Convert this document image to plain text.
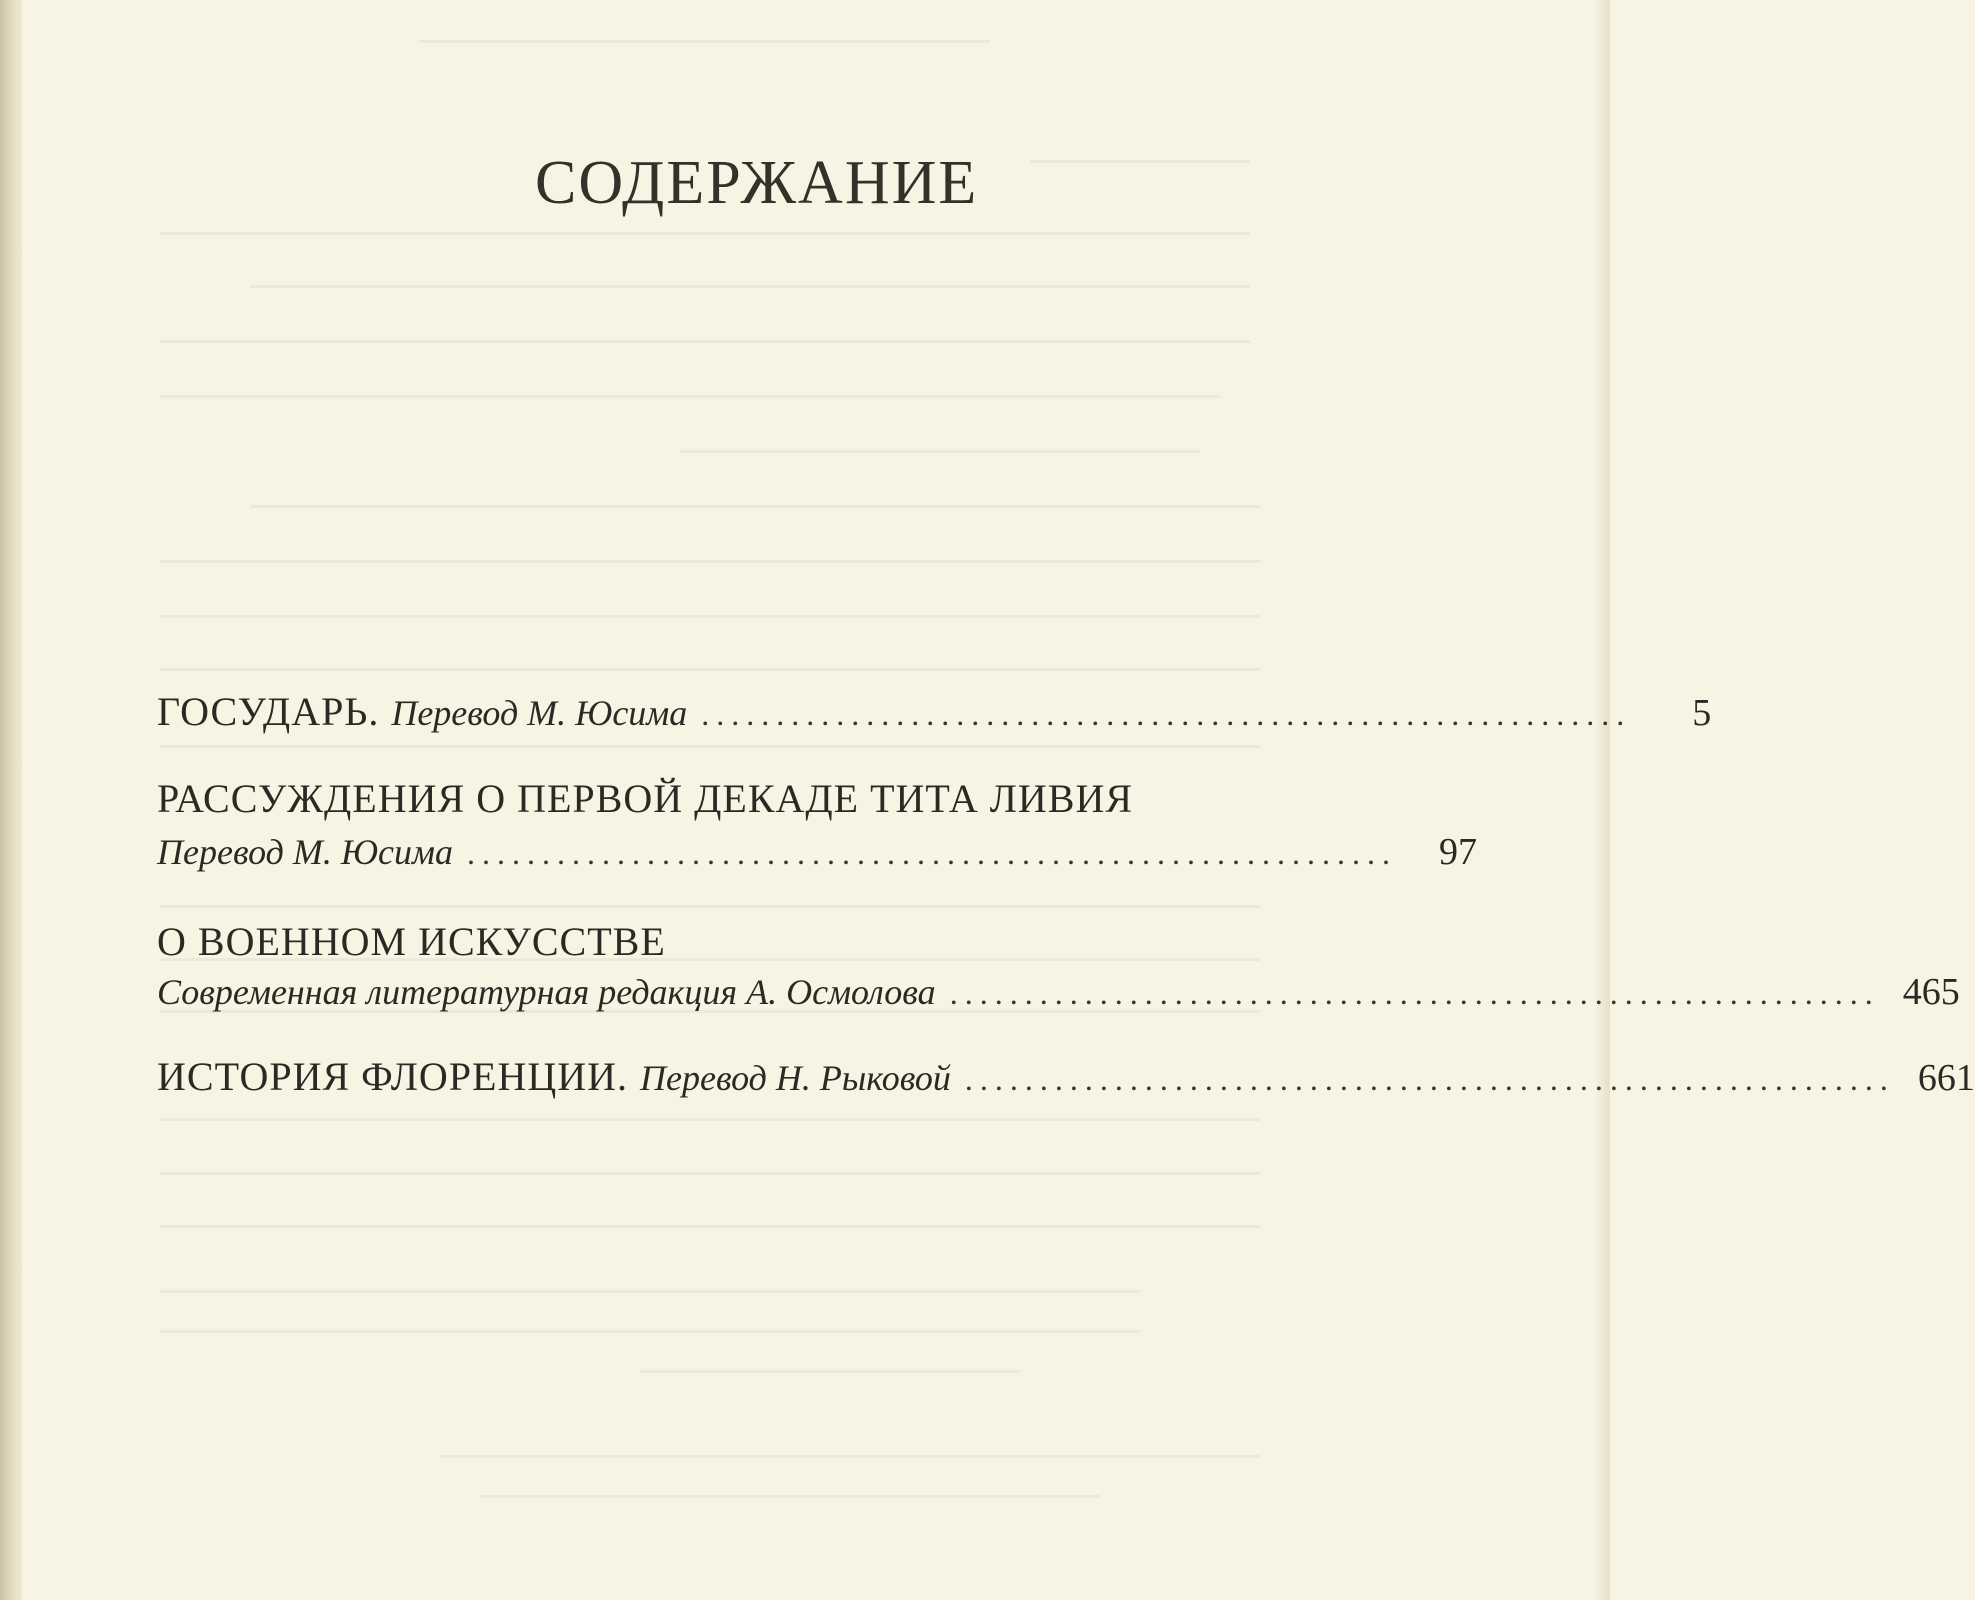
СОДЕРЖАНИЕ
ГОСУДАРЬ. Перевод М. Юсима ..............................................................	5
РАССУЖДЕНИЯ О ПЕРВОЙ ДЕКАДЕ ТИТА ЛИВИЯ
Перевод М. Юсима ..............................................................	97
О ВОЕННОМ ИСКУССТВЕ
Современная литературная редакция А. Осмолова .............................................................. 465
ИСТОРИЯ ФЛОРЕНЦИИ. Перевод Н. Рыковой .............................................................. 661
